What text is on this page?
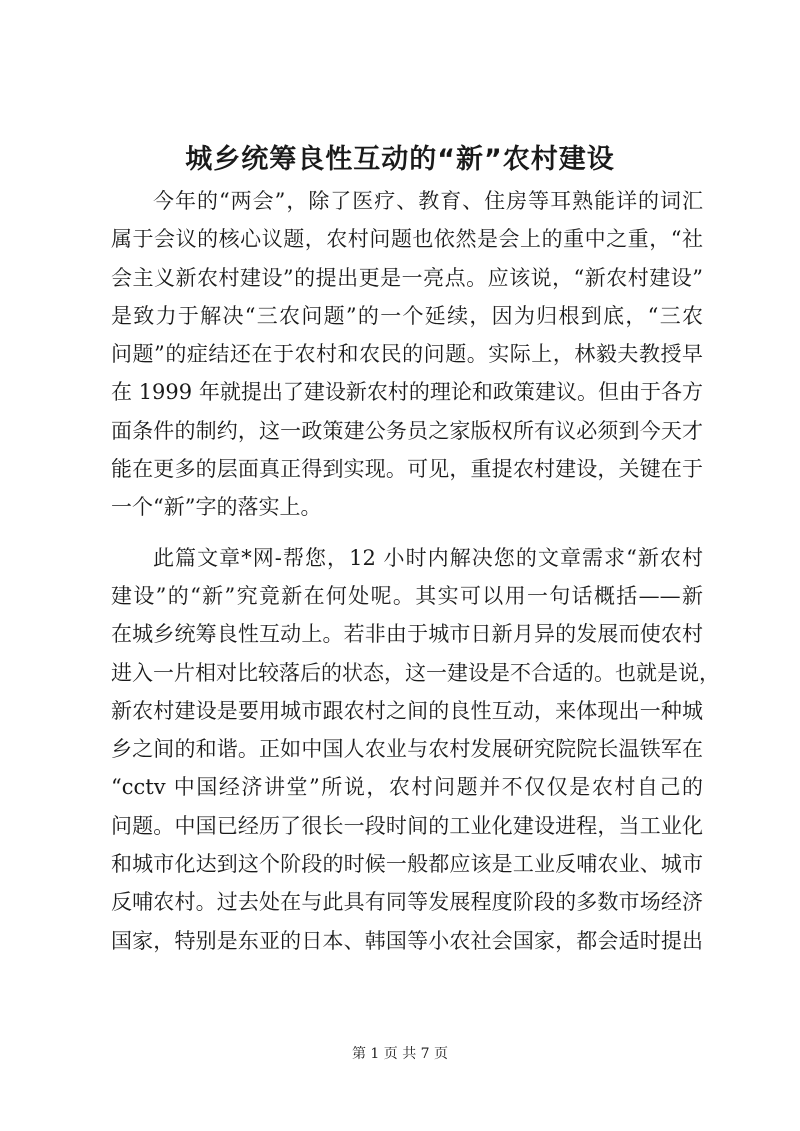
城乡统筹良性互动的“新”农村建设
今年的“两会”，除了医疗、教育、住房等耳熟能详的词汇
属于会议的核心议题，农村问题也依然是会上的重中之重，“社
会主义新农村建设”的提出更是一亮点。应该说，“新农村建设”
是致力于解决“三农问题”的一个延续，因为归根到底，“三农
问题”的症结还在于农村和农民的问题。实际上，林毅夫教授早
在 1999 年就提出了建设新农村的理论和政策建议。但由于各方
面条件的制约，这一政策建公务员之家版权所有议必须到今天才
能在更多的层面真正得到实现。可见，重提农村建设，关键在于
一个“新”字的落实上。
此篇文章*网-帮您，12 小时内解决您的文章需求“新农村
建设”的“新”究竟新在何处呢。其实可以用一句话概括——新
在城乡统筹良性互动上。若非由于城市日新月异的发展而使农村
进入一片相对比较落后的状态，这一建设是不合适的。也就是说，
新农村建设是要用城市跟农村之间的良性互动，来体现出一种城
乡之间的和谐。正如中国人农业与农村发展研究院院长温铁军在
“cctv 中国经济讲堂”所说，农村问题并不仅仅是农村自己的
问题。中国已经历了很长一段时间的工业化建设进程，当工业化
和城市化达到这个阶段的时候一般都应该是工业反哺农业、城市
反哺农村。过去处在与此具有同等发展程度阶段的多数市场经济
国家，特别是东亚的日本、韩国等小农社会国家，都会适时提出
第 1 页 共 7 页
